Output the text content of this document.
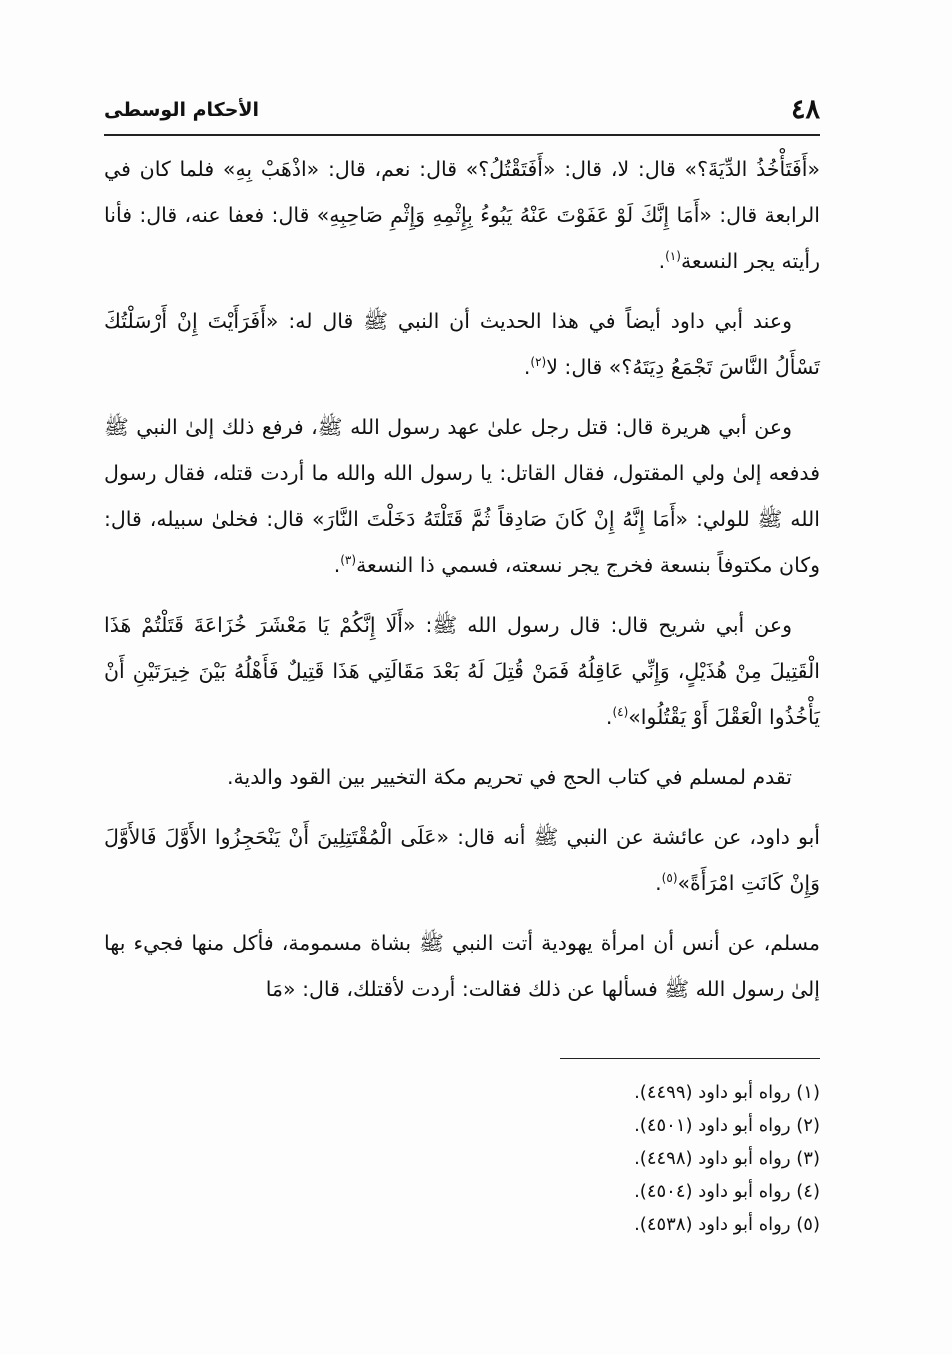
٤٨
الأحكام الوسطى

«أَفَتَأْخُذُ الدِّيَةَ؟» قال: لا، قال: «أَفَتَقْتُلُ؟» قال: نعم، قال: «اذْهَبْ بِهِ» فلما كان في الرابعة قال: «أَمَا إِنَّكَ لَوْ عَفَوْتَ عَنْهُ يَبُوءُ بِإِثْمِهِ وَإِثْمِ صَاحِبِهِ» قال: فعفا عنه، قال: فأنا رأيته يجر النسعة$^{(١)}$.

وعند أبي داود أيضاً في هذا الحديث أن النبي ﷺ قال له: «أَفَرَأَيْتَ إِنْ أَرْسَلْتُكَ تَسْأَلُ النَّاسَ تَجْمَعُ دِيَتَهُ؟» قال: لا$^{(٢)}$.

وعن أبي هريرة قال: قتل رجل علىٰ عهد رسول الله ﷺ، فرفع ذلك إلىٰ النبي ﷺ فدفعه إلىٰ ولي المقتول، فقال القاتل: يا رسول الله والله ما أردت قتله، فقال رسول الله ﷺ للولي: «أَمَا إِنَّهُ إِنْ كَانَ صَادِقاً ثُمَّ قَتَلْتَهُ دَخَلْتَ النَّارَ» قال: فخلىٰ سبيله، قال: وكان مكتوفاً بنسعة فخرج يجر نسعته، فسمي ذا النسعة$^{(٣)}$.

وعن أبي شريح قال: قال رسول الله ﷺ: «أَلَا إِنَّكُمْ يَا مَعْشَرَ خُزَاعَةَ قَتَلْتُمْ هَذَا الْقَتِيلَ مِنْ هُذَيْلٍ، وَإِنِّي عَاقِلُهُ فَمَنْ قُتِلَ لَهُ بَعْدَ مَقَالَتِي هَذَا قَتِيلٌ فَأَهْلُهُ بَيْنَ خِيرَتَيْنِ أَنْ يَأْخُذُوا الْعَقْلَ أَوْ يَقْتُلُوا»$^{(٤)}$.

تقدم لمسلم في كتاب الحج في تحريم مكة التخيير بين القود والدية.

أبو داود، عن عائشة عن النبي ﷺ أنه قال: «عَلَى الْمُقْتَتِلِينَ أَنْ يَنْحَجِزُوا الأَوَّلَ فَالأَوَّلَ وَإِنْ كَانَتِ امْرَأَةً»$^{(٥)}$.

مسلم، عن أنس أن امرأة يهودية أتت النبي ﷺ بشاة مسمومة، فأكل منها فجيء بها إلىٰ رسول الله ﷺ فسألها عن ذلك فقالت: أردت لأقتلك، قال: «مَا

(١) رواه أبو داود (٤٤٩٩).
(٢) رواه أبو داود (٤٥٠١).
(٣) رواه أبو داود (٤٤٩٨).
(٤) رواه أبو داود (٤٥٠٤).
(٥) رواه أبو داود (٤٥٣٨).
